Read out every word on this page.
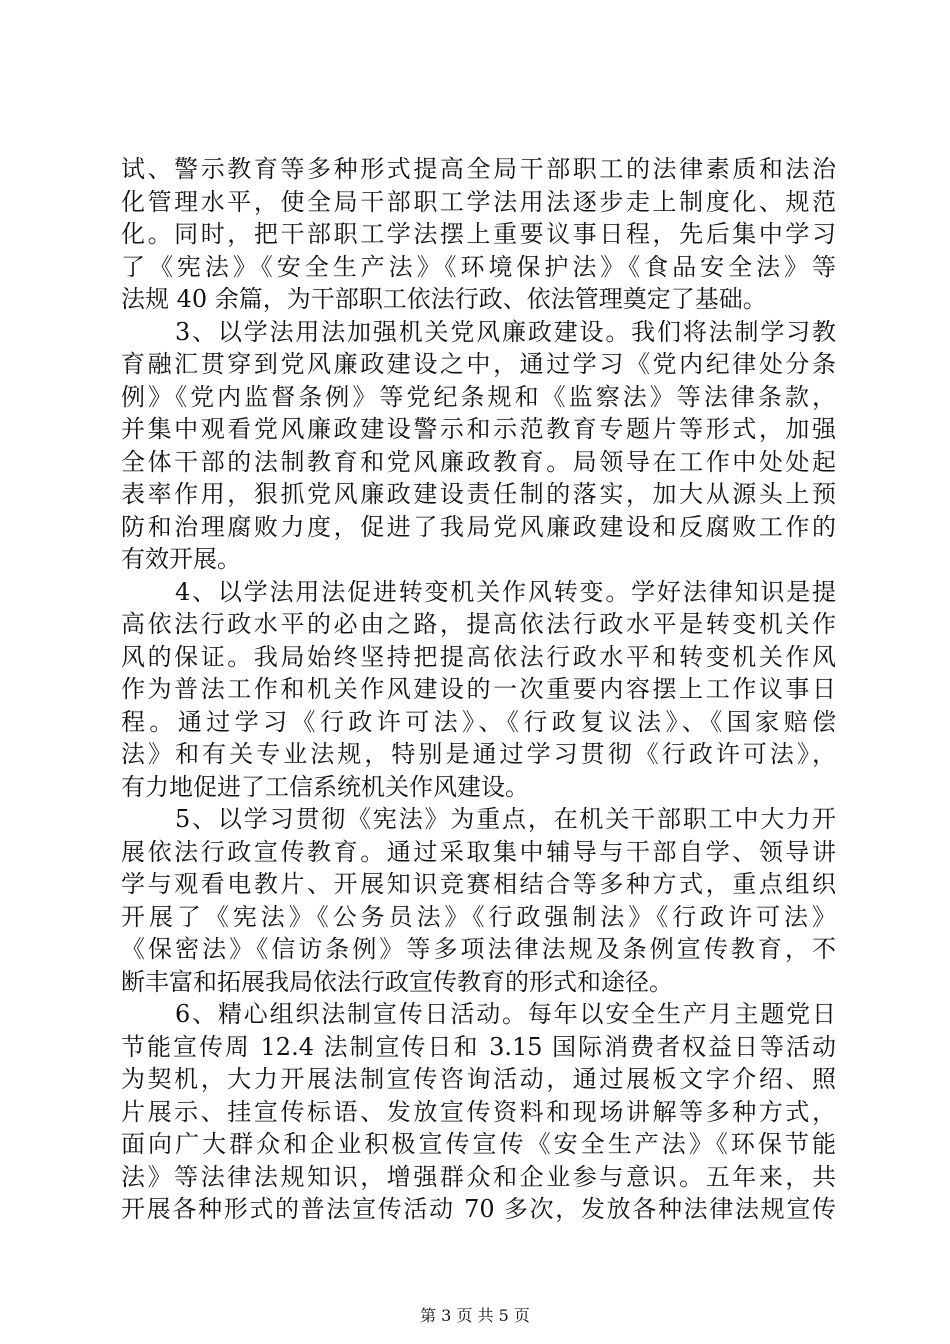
试、警示教育等多种形式提高全局干部职工的法律素质和法治
化管理水平，使全局干部职工学法用法逐步走上制度化、规范
化。同时，把干部职工学法摆上重要议事日程，先后集中学习
了《宪法》《安全生产法》《环境保护法》《食品安全法》等
法规 40 余篇，为干部职工依法行政、依法管理奠定了基础。
3、以学法用法加强机关党风廉政建设。我们将法制学习教
育融汇贯穿到党风廉政建设之中，通过学习《党内纪律处分条
例》《党内监督条例》等党纪条规和《监察法》等法律条款，
并集中观看党风廉政建设警示和示范教育专题片等形式，加强
全体干部的法制教育和党风廉政教育。局领导在工作中处处起
表率作用，狠抓党风廉政建设责任制的落实，加大从源头上预
防和治理腐败力度，促进了我局党风廉政建设和反腐败工作的
有效开展。
4、以学法用法促进转变机关作风转变。学好法律知识是提
高依法行政水平的必由之路，提高依法行政水平是转变机关作
风的保证。我局始终坚持把提高依法行政水平和转变机关作风
作为普法工作和机关作风建设的一次重要内容摆上工作议事日
程。通过学习《行政许可法》、《行政复议法》、《国家赔偿
法》和有关专业法规，特别是通过学习贯彻《行政许可法》，
有力地促进了工信系统机关作风建设。
5、以学习贯彻《宪法》为重点，在机关干部职工中大力开
展依法行政宣传教育。通过采取集中辅导与干部自学、领导讲
学与观看电教片、开展知识竞赛相结合等多种方式，重点组织
开展了《宪法》《公务员法》《行政强制法》《行政许可法》
《保密法》《信访条例》等多项法律法规及条例宣传教育，不
断丰富和拓展我局依法行政宣传教育的形式和途径。
6、精心组织法制宣传日活动。每年以安全生产月主题党日
节能宣传周 12.4 法制宣传日和 3.15 国际消费者权益日等活动
为契机，大力开展法制宣传咨询活动，通过展板文字介绍、照
片展示、挂宣传标语、发放宣传资料和现场讲解等多种方式，
面向广大群众和企业积极宣传宣传《安全生产法》《环保节能
法》等法律法规知识，增强群众和企业参与意识。五年来，共
开展各种形式的普法宣传活动 70 多次，发放各种法律法规宣传
第 3 页 共 5 页
